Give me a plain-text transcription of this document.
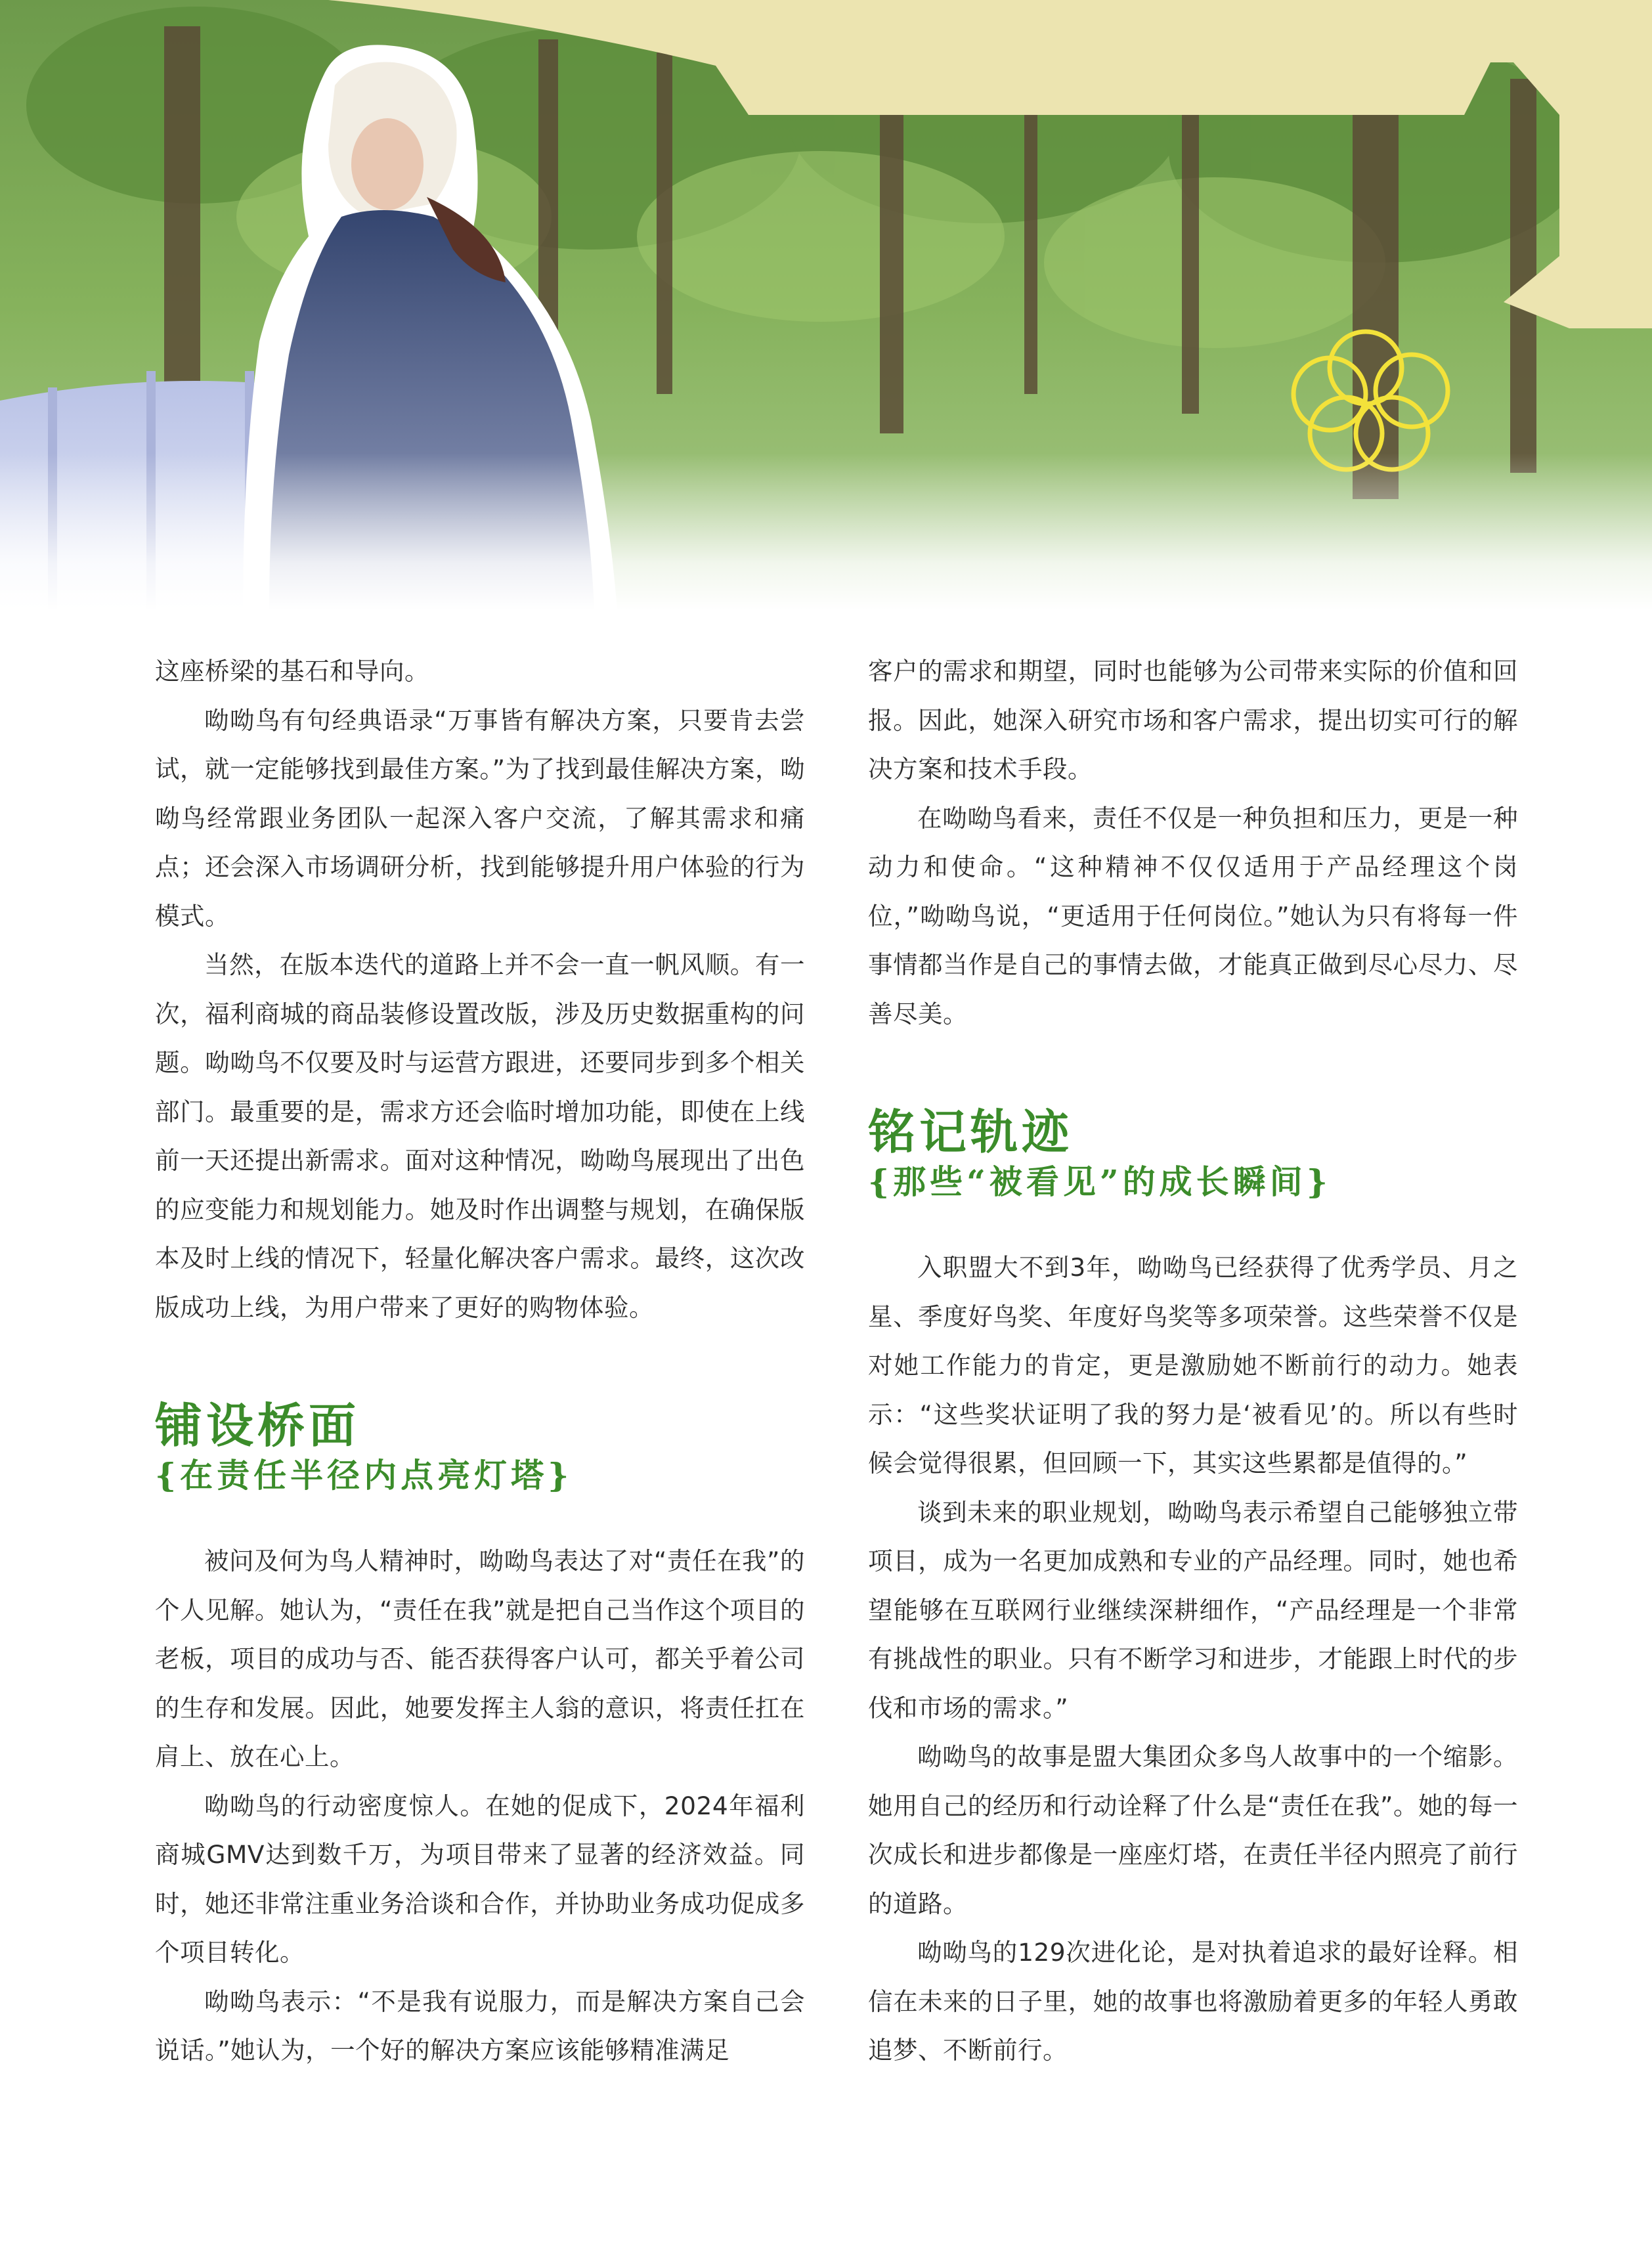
这座桥梁的基石和导向。

呦呦鸟有句经典语录“万事皆有解决方案，只要肯去尝试，就一定能够找到最佳方案。”为了找到最佳解决方案，呦呦鸟经常跟业务团队一起深入客户交流，了解其需求和痛点；还会深入市场调研分析，找到能够提升用户体验的行为模式。

当然，在版本迭代的道路上并不会一直一帆风顺。有一次，福利商城的商品装修设置改版，涉及历史数据重构的问题。呦呦鸟不仅要及时与运营方跟进，还要同步到多个相关部门。最重要的是，需求方还会临时增加功能，即使在上线前一天还提出新需求。面对这种情况，呦呦鸟展现出了出色的应变能力和规划能力。她及时作出调整与规划，在确保版本及时上线的情况下，轻量化解决客户需求。最终，这次改版成功上线，为用户带来了更好的购物体验。

铺设桥面
{在责任半径内点亮灯塔}

被问及何为鸟人精神时，呦呦鸟表达了对“责任在我”的个人见解。她认为，“责任在我”就是把自己当作这个项目的老板，项目的成功与否、能否获得客户认可，都关乎着公司的生存和发展。因此，她要发挥主人翁的意识，将责任扛在肩上、放在心上。

呦呦鸟的行动密度惊人。在她的促成下，2024年福利商城GMV达到数千万，为项目带来了显著的经济效益。同时，她还非常注重业务洽谈和合作，并协助业务成功促成多个项目转化。

呦呦鸟表示：“不是我有说服力，而是解决方案自己会说话。”她认为，一个好的解决方案应该能够精准满足

客户的需求和期望，同时也能够为公司带来实际的价值和回报。因此，她深入研究市场和客户需求，提出切实可行的解决方案和技术手段。

在呦呦鸟看来，责任不仅是一种负担和压力，更是一种动力和使命。“这种精神不仅仅适用于产品经理这个岗位，”呦呦鸟说，“更适用于任何岗位。”她认为只有将每一件事情都当作是自己的事情去做，才能真正做到尽心尽力、尽善尽美。

铭记轨迹
{那些“被看见”的成长瞬间}

入职盟大不到3年，呦呦鸟已经获得了优秀学员、月之星、季度好鸟奖、年度好鸟奖等多项荣誉。这些荣誉不仅是对她工作能力的肯定，更是激励她不断前行的动力。她表示：“这些奖状证明了我的努力是‘被看见’的。所以有些时候会觉得很累，但回顾一下，其实这些累都是值得的。”

谈到未来的职业规划，呦呦鸟表示希望自己能够独立带项目，成为一名更加成熟和专业的产品经理。同时，她也希望能够在互联网行业继续深耕细作，“产品经理是一个非常有挑战性的职业。只有不断学习和进步，才能跟上时代的步伐和市场的需求。”

呦呦鸟的故事是盟大集团众多鸟人故事中的一个缩影。她用自己的经历和行动诠释了什么是“责任在我”。她的每一次成长和进步都像是一座座灯塔，在责任半径内照亮了前行的道路。

呦呦鸟的129次进化论，是对执着追求的最好诠释。相信在未来的日子里，她的故事也将激励着更多的年轻人勇敢追梦、不断前行。
